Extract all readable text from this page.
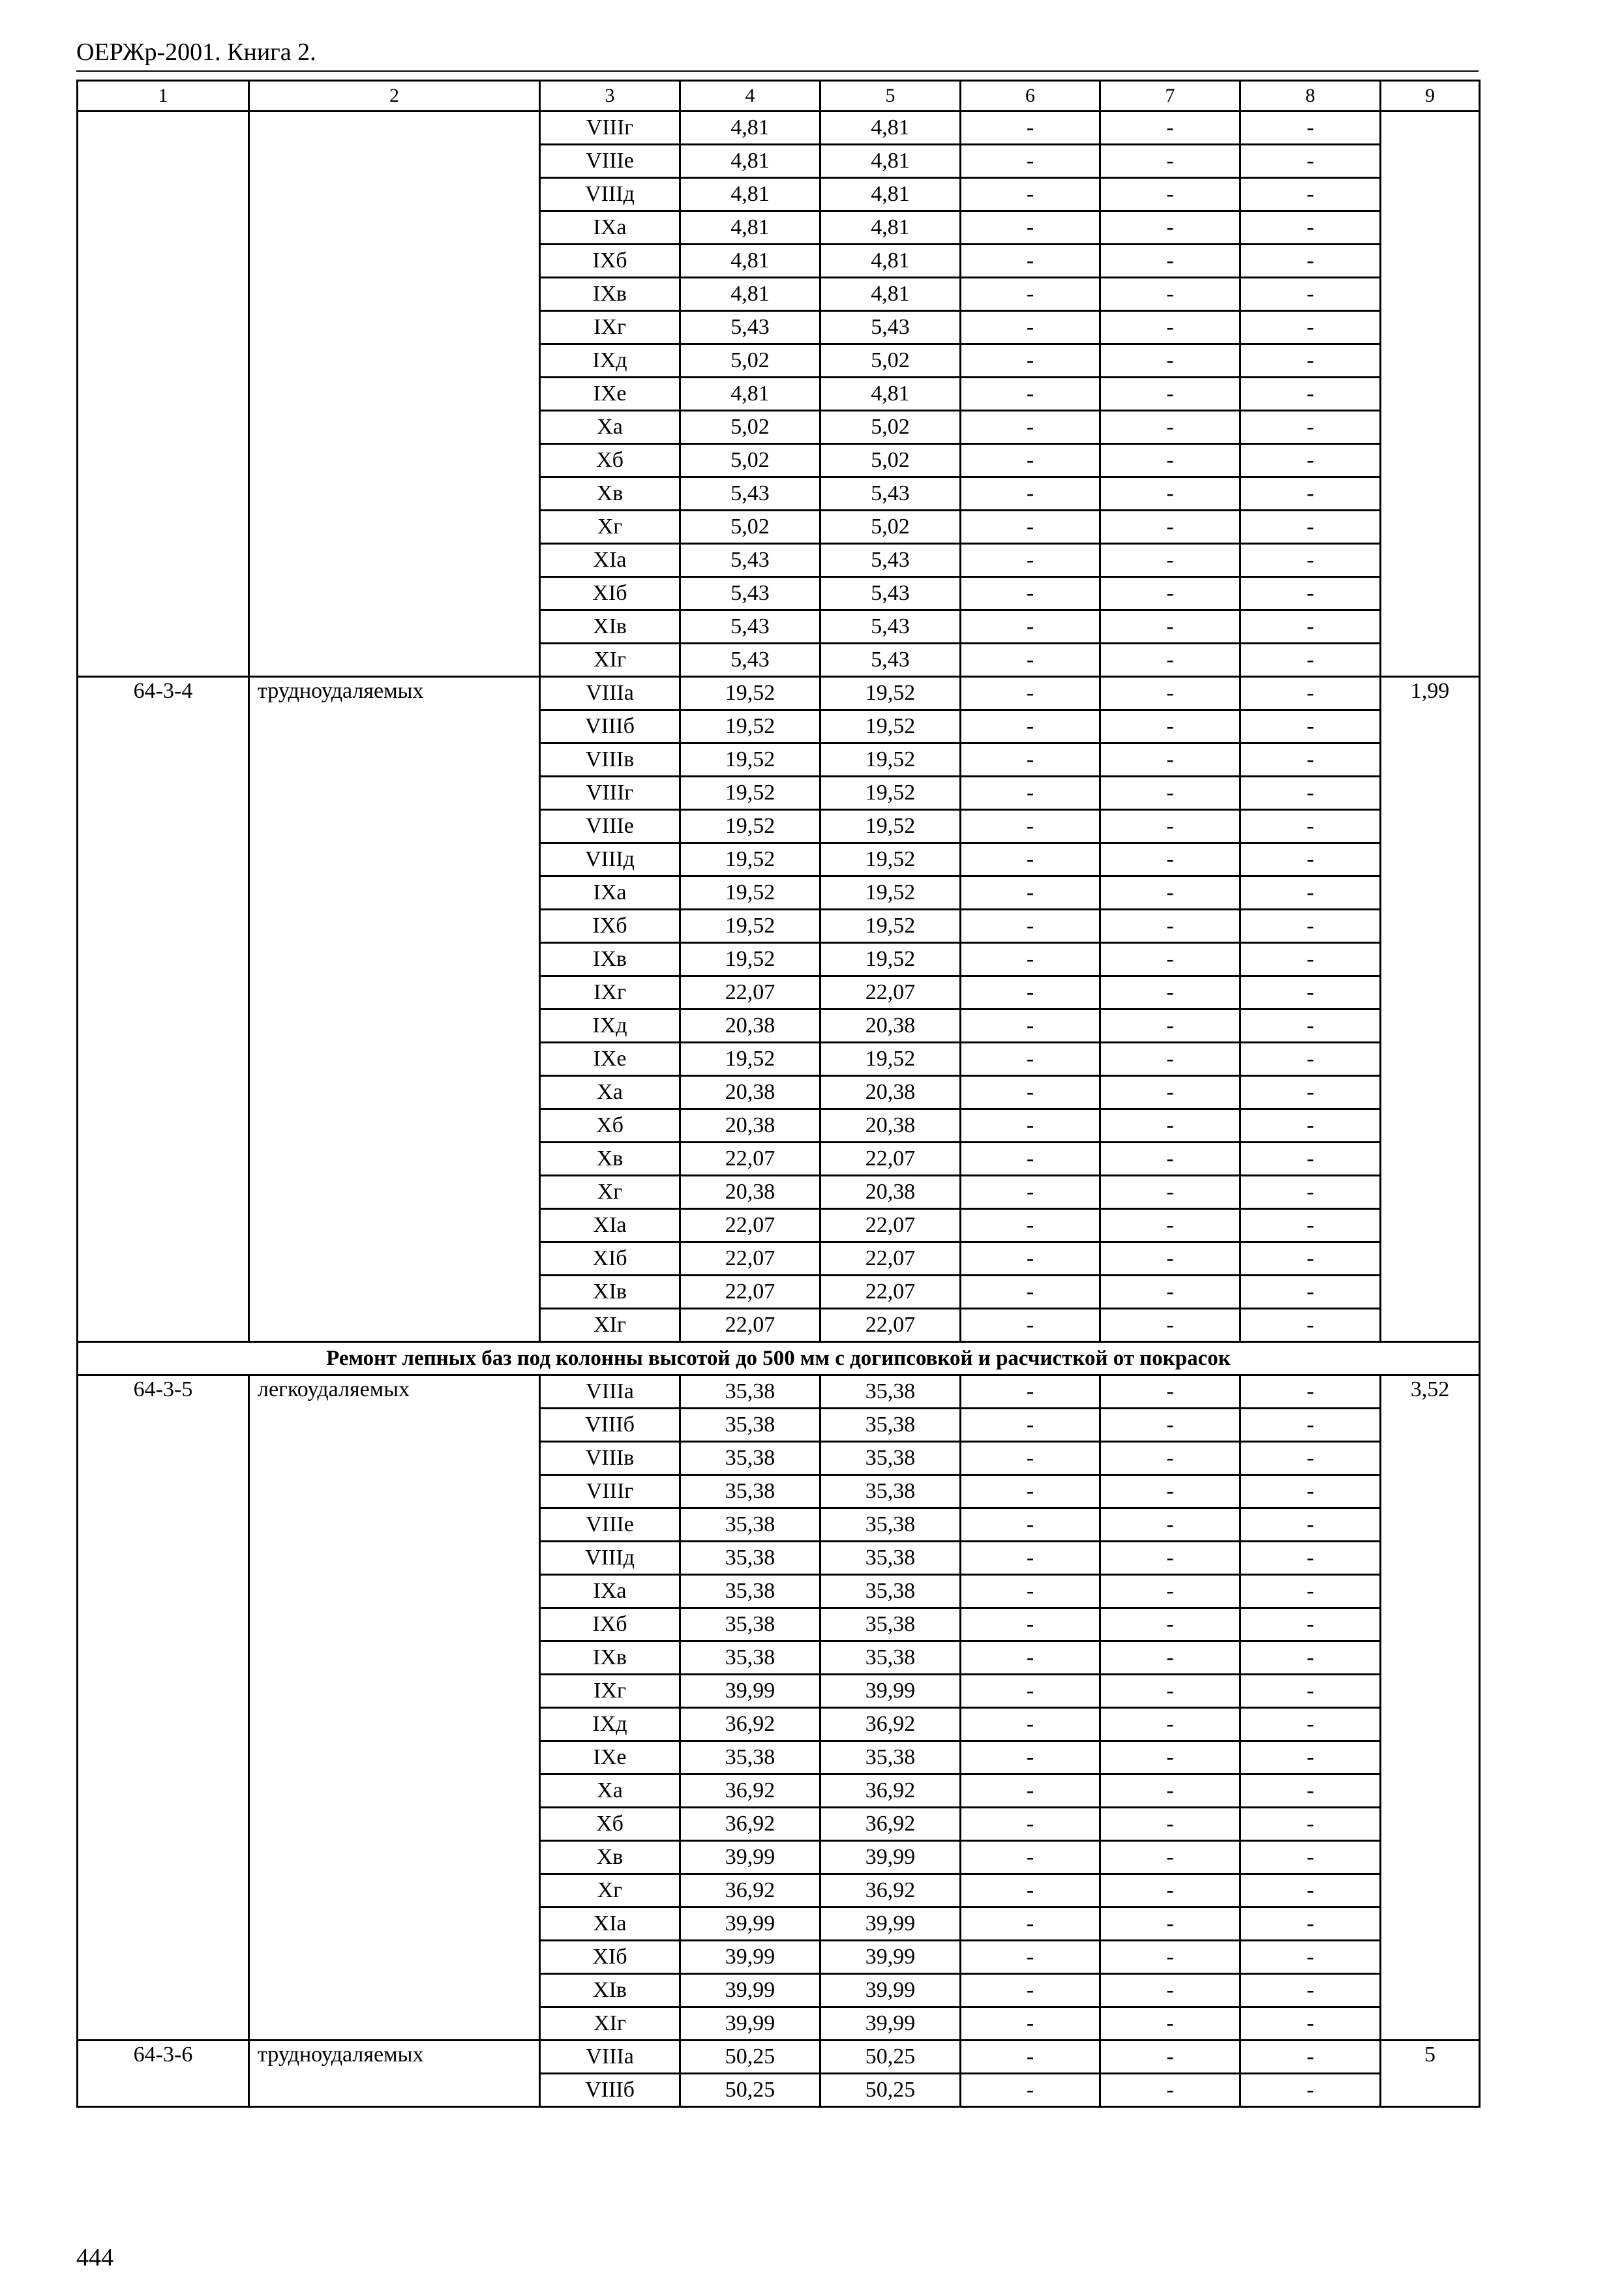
ОЕРЖр-2001. Книга 2.
1	2	3	4	5	6	7	8	9
		VIIIг	4,81	4,81	-	-	-	
		VIIIе	4,81	4,81	-	-	-	
		VIIIд	4,81	4,81	-	-	-	
		IXа	4,81	4,81	-	-	-	
		IXб	4,81	4,81	-	-	-	
		IXв	4,81	4,81	-	-	-	
		IXг	5,43	5,43	-	-	-	
		IXд	5,02	5,02	-	-	-	
		IXе	4,81	4,81	-	-	-	
		Xа	5,02	5,02	-	-	-	
		Xб	5,02	5,02	-	-	-	
		Xв	5,43	5,43	-	-	-	
		Xг	5,02	5,02	-	-	-	
		XIа	5,43	5,43	-	-	-	
		XIб	5,43	5,43	-	-	-	
		XIв	5,43	5,43	-	-	-	
		XIг	5,43	5,43	-	-	-	
64-3-4	трудноудаляемых	VIIIа	19,52	19,52	-	-	-	1,99
		VIIIб	19,52	19,52	-	-	-	
		VIIIв	19,52	19,52	-	-	-	
		VIIIг	19,52	19,52	-	-	-	
		VIIIе	19,52	19,52	-	-	-	
		VIIIд	19,52	19,52	-	-	-	
		IXа	19,52	19,52	-	-	-	
		IXб	19,52	19,52	-	-	-	
		IXв	19,52	19,52	-	-	-	
		IXг	22,07	22,07	-	-	-	
		IXд	20,38	20,38	-	-	-	
		IXе	19,52	19,52	-	-	-	
		Xа	20,38	20,38	-	-	-	
		Xб	20,38	20,38	-	-	-	
		Xв	22,07	22,07	-	-	-	
		Xг	20,38	20,38	-	-	-	
		XIа	22,07	22,07	-	-	-	
		XIб	22,07	22,07	-	-	-	
		XIв	22,07	22,07	-	-	-	
		XIг	22,07	22,07	-	-	-	
Ремонт лепных баз под колонны высотой до 500 мм с догипсовкой и расчисткой от покрасок								
64-3-5	легкоудаляемых	VIIIа	35,38	35,38	-	-	-	3,52
		VIIIб	35,38	35,38	-	-	-	
		VIIIв	35,38	35,38	-	-	-	
		VIIIг	35,38	35,38	-	-	-	
		VIIIе	35,38	35,38	-	-	-	
		VIIIд	35,38	35,38	-	-	-	
		IXа	35,38	35,38	-	-	-	
		IXб	35,38	35,38	-	-	-	
		IXв	35,38	35,38	-	-	-	
		IXг	39,99	39,99	-	-	-	
		IXд	36,92	36,92	-	-	-	
		IXе	35,38	35,38	-	-	-	
		Xа	36,92	36,92	-	-	-	
		Xб	36,92	36,92	-	-	-	
		Xв	39,99	39,99	-	-	-	
		Xг	36,92	36,92	-	-	-	
		XIа	39,99	39,99	-	-	-	
		XIб	39,99	39,99	-	-	-	
		XIв	39,99	39,99	-	-	-	
		XIг	39,99	39,99	-	-	-	
64-3-6	трудноудаляемых	VIIIа	50,25	50,25	-	-	-	5
		VIIIб	50,25	50,25	-	-	-	
444
